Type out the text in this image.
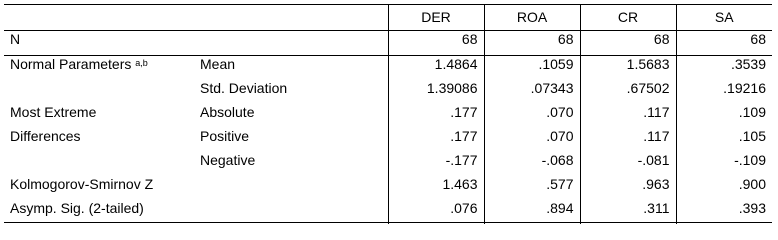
		DER	ROA	CR	SA
N		68	68	68	68
Normal Parameters $^{a,b}$	Mean	1.4864	.1059	1.5683	.3539
	Std. Deviation	1.39086	.07343	.67502	.19216
Most Extreme	Absolute	.177	.070	.117	.109
Differences	Positive	.177	.070	.117	.105
	Negative	-.177	-.068	-.081	-.109
Kolmogorov-Smirnov Z		1.463	.577	.963	.900
Asymp. Sig. (2-tailed)		.076	.894	.311	.393
